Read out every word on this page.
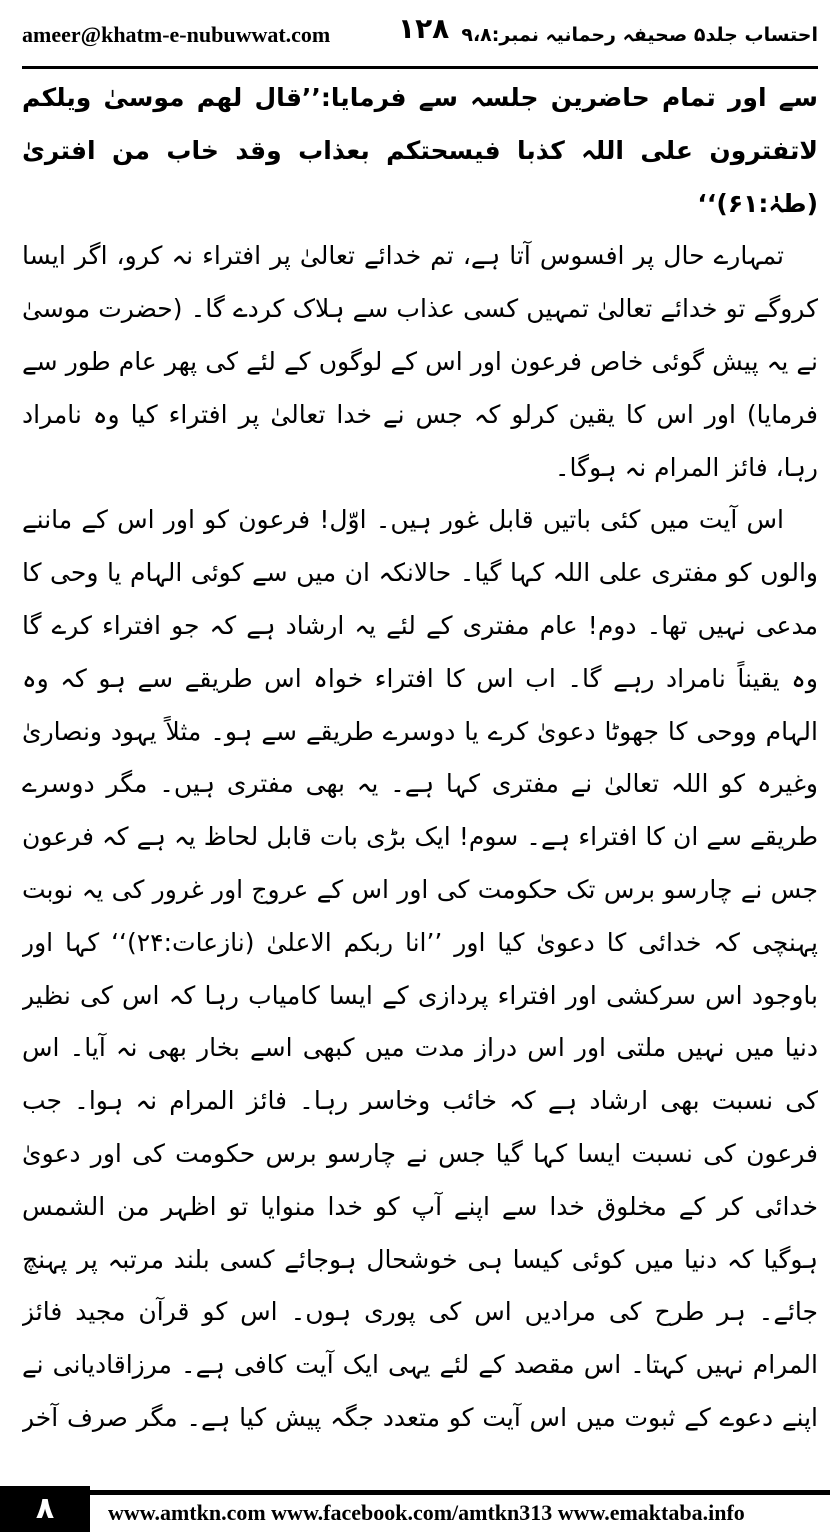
ameer@khatm-e-nubuwwat.com	احتساب جلد۵ صحیفہ رحمانیہ نمبر:۹،۸
۱۲۸

سے اور تمام حاضرین جلسہ سے فرمایا:’’قال لھم موسیٰ ویلکم لاتفترون علی اللہ کذبا فیسحتکم بعذاب وقد خاب من افتریٰ (طہٰ:۶۱)‘‘

تمہارے حال پر افسوس آتا ہے، تم خدائے تعالیٰ پر افتراء نہ کرو، اگر ایسا کروگے تو خدائے تعالیٰ تمہیں کسی عذاب سے ہلاک کردے گا۔ (حضرت موسیٰ نے یہ پیش گوئی خاص فرعون اور اس کے لوگوں کے لئے کی پھر عام طور سے فرمایا) اور اس کا یقین کرلو کہ جس نے خدا تعالیٰ پر افتراء کیا وہ نامراد رہا، فائز المرام نہ ہوگا۔

اس آیت میں کئی باتیں قابل غور ہیں۔ اوّل! فرعون کو اور اس کے ماننے والوں کو مفتری علی اللہ کہا گیا۔ حالانکہ ان میں سے کوئی الہام یا وحی کا مدعی نہیں تھا۔ دوم! عام مفتری کے لئے یہ ارشاد ہے کہ جو افتراء کرے گا وہ یقیناً نامراد رہے گا۔ اب اس کا افتراء خواہ اس طریقے سے ہو کہ وہ الہام ووحی کا جھوٹا دعویٰ کرے یا دوسرے طریقے سے ہو۔ مثلاً یہود ونصاریٰ وغیرہ کو اللہ تعالیٰ نے مفتری کہا ہے۔ یہ بھی مفتری ہیں۔ مگر دوسرے طریقے سے ان کا افتراء ہے۔ سوم! ایک بڑی بات قابل لحاظ یہ ہے کہ فرعون جس نے چارسو برس تک حکومت کی اور اس کے عروج اور غرور کی یہ نوبت پہنچی کہ خدائی کا دعویٰ کیا اور ’’انا ربکم الاعلیٰ (نازعات:۲۴)‘‘ کہا اور باوجود اس سرکشی اور افتراء پردازی کے ایسا کامیاب رہا کہ اس کی نظیر دنیا میں نہیں ملتی اور اس دراز مدت میں کبھی اسے بخار بھی نہ آیا۔ اس کی نسبت بھی ارشاد ہے کہ خائب وخاسر رہا۔ فائز المرام نہ ہوا۔ جب فرعون کی نسبت ایسا کہا گیا جس نے چارسو برس حکومت کی اور دعویٰ خدائی کر کے مخلوق خدا سے اپنے آپ کو خدا منوایا تو اظہر من الشمس ہوگیا کہ دنیا میں کوئی کیسا ہی خوشحال ہوجائے کسی بلند مرتبہ پر پہنچ جائے۔ ہر طرح کی مرادیں اس کی پوری ہوں۔ اس کو قرآن مجید فائز المرام نہیں کہتا۔ اس مقصد کے لئے یہی ایک آیت کافی ہے۔ مرزاقادیانی نے اپنے دعوے کے ثبوت میں اس آیت کو متعدد جگہ پیش کیا ہے۔ مگر صرف آخر

۸	www.amtkn.com www.facebook.com/amtkn313 www.emaktaba.info
